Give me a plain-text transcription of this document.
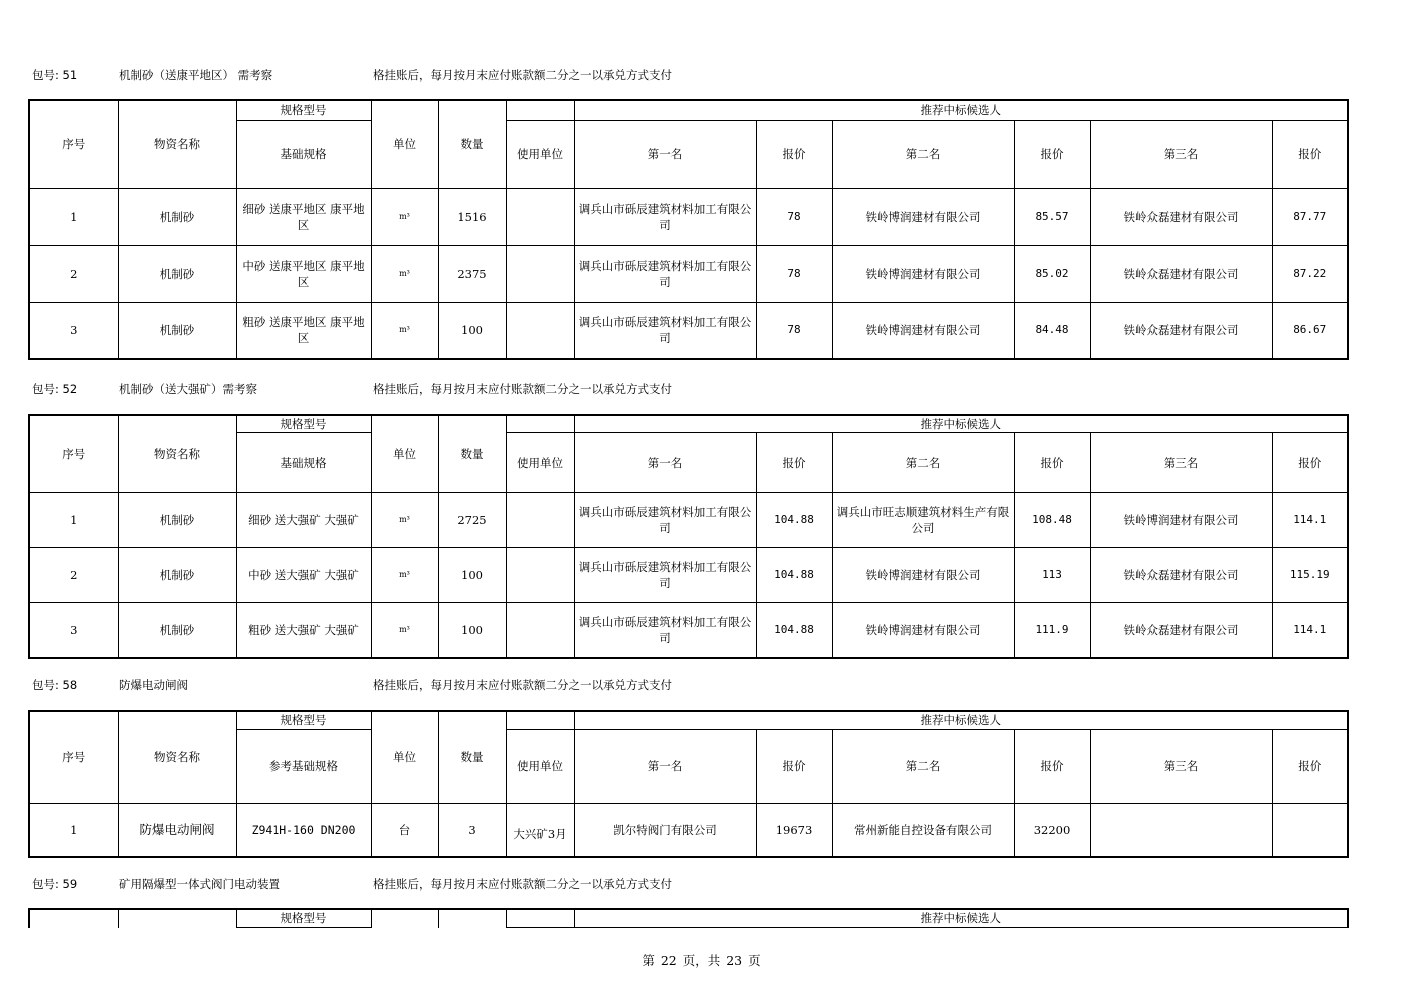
包号: 51	机制砂（送康平地区） 需考察	格挂账后，每月按月末应付账款额二分之一以承兑方式支付
序号	物资名称	规格型号	单位	数量		推荐中标候选人					
		基础规格			使用单位	第一名	报价	第二名	报价	第三名	报价
1	机制砂	细砂 送康平地区 康平地区	$^{m^3}$	1516		调兵山市砾辰建筑材料加工有限公司	78	铁岭博润建材有限公司	85.57	铁岭众磊建材有限公司	87.77
2	机制砂	中砂 送康平地区 康平地区	$^{m^3}$	2375		调兵山市砾辰建筑材料加工有限公司	78	铁岭博润建材有限公司	85.02	铁岭众磊建材有限公司	87.22
3	机制砂	粗砂 送康平地区 康平地区	$^{m^3}$	100		调兵山市砾辰建筑材料加工有限公司	78	铁岭博润建材有限公司	84.48	铁岭众磊建材有限公司	86.67
包号: 52	机制砂（送大强矿）需考察	格挂账后，每月按月末应付账款额二分之一以承兑方式支付
序号	物资名称	规格型号	单位	数量		推荐中标候选人					
		基础规格			使用单位	第一名	报价	第二名	报价	第三名	报价
1	机制砂	细砂 送大强矿 大强矿	$^{m^3}$	2725		调兵山市砾辰建筑材料加工有限公司	104.88	调兵山市旺志顺建筑材料生产有限公司	108.48	铁岭博润建材有限公司	114.1
2	机制砂	中砂 送大强矿 大强矿	$^{m^3}$	100		调兵山市砾辰建筑材料加工有限公司	104.88	铁岭博润建材有限公司	113	铁岭众磊建材有限公司	115.19
3	机制砂	粗砂 送大强矿 大强矿	$^{m^3}$	100		调兵山市砾辰建筑材料加工有限公司	104.88	铁岭博润建材有限公司	111.9	铁岭众磊建材有限公司	114.1
包号: 58	防爆电动闸阀	格挂账后，每月按月末应付账款额二分之一以承兑方式支付
序号	物资名称	规格型号	单位	数量		推荐中标候选人					
		参考基础规格			使用单位	第一名	报价	第二名	报价	第三名	报价
1	防爆电动闸阀	Z941H-160 DN200	台	3	大兴矿3月	凯尔特阀门有限公司	19673	常州新能自控设备有限公司	32200		
包号: 59	矿用隔爆型一体式阀门电动装置	格挂账后，每月按月末应付账款额二分之一以承兑方式支付
		规格型号				推荐中标候选人					

第 22 页，共 23 页
